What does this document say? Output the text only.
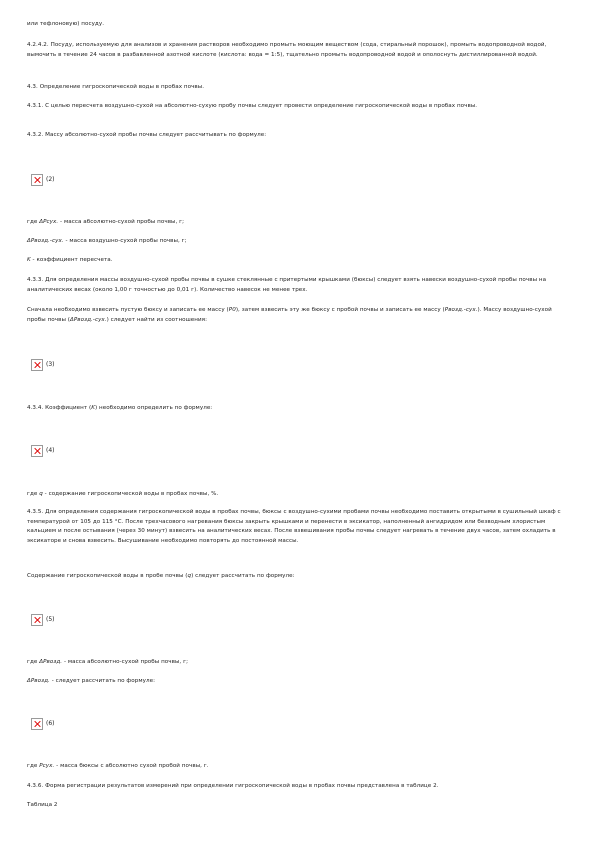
или тефлоновую) посуду.
4.2.4.2. Посуду, используемую для анализов и хранения растворов необходимо промыть моющим веществом (сода, стиральный порошок), промыть водопроводной водой, вымочить в течение 24 часов в разбавленной азотной кислоте (кислота: вода = 1:5), тщательно промыть водопроводной водой и ополоснуть дистиллированной водой.
4.3. Определение гигроскопической воды в пробах почвы.
4.3.1. С целью пересчета воздушно-сухой на абсолютно-сухую пробу почвы следует провести определение гигроскопической воды в пробах почвы.
4.3.2. Массу абсолютно-сухой пробы почвы следует рассчитывать по формуле:
(2)
где ΔPсух. - масса абсолютно-сухой пробы почвы, г;
ΔPвозд.-сух. - масса воздушно-сухой пробы почвы, г;
K - коэффициент пересчета.
4.3.3. Для определения массы воздушно-сухой пробы почвы в сушке стеклянные с притертыми крышками (бюксы) следует взять навески воздушно-сухой пробы почвы на аналитических весах (около 1,00 г точностью до 0,01 г). Количество навесок не менее трех.
Сначала необходимо взвесить пустую бюксу и записать ее массу (P0), затем взвесить эту же бюксу с пробой почвы и записать ее массу (Pвозд.-сух.). Массу воздушно-сухой пробы почвы (ΔPвозд.-сух.) следует найти из соотношения:
(3)
4.3.4. Коэффициент (K) необходимо определить по формуле:
(4)
где q - содержание гигроскопической воды в пробах почвы, %.
4.3.5. Для определения содержания гигроскопической воды в пробах почвы, бюксы с воздушно-сухими пробами почвы необходимо поставить открытыми в сушильный шкаф с температурой от 105 до 115 °С. После трехчасового нагревания бюксы закрыть крышками и перенести в эксикатор, наполненный ангидридом или безводным хлористым кальцием и после остывания (через 30 минут) взвесить на аналитических весах. После взвешивания пробы почвы следует нагревать в течение двух часов, затем охладить в эксикаторе и снова взвесить. Высушивание необходимо повторять до постоянной массы.
Содержание гигроскопической воды в пробе почвы (q) следует рассчитать по формуле:
(5)
где ΔPвозд. - масса абсолютно-сухой пробы почвы, г;
ΔPвозд. - следует рассчитать по формуле:
(6)
где Pсух. - масса бюксы с абсолютно сухой пробой почвы, г.
4.3.6. Форма регистрации результатов измерений при определении гигроскопической воды в пробах почвы представлена в таблице 2.
Таблица 2
